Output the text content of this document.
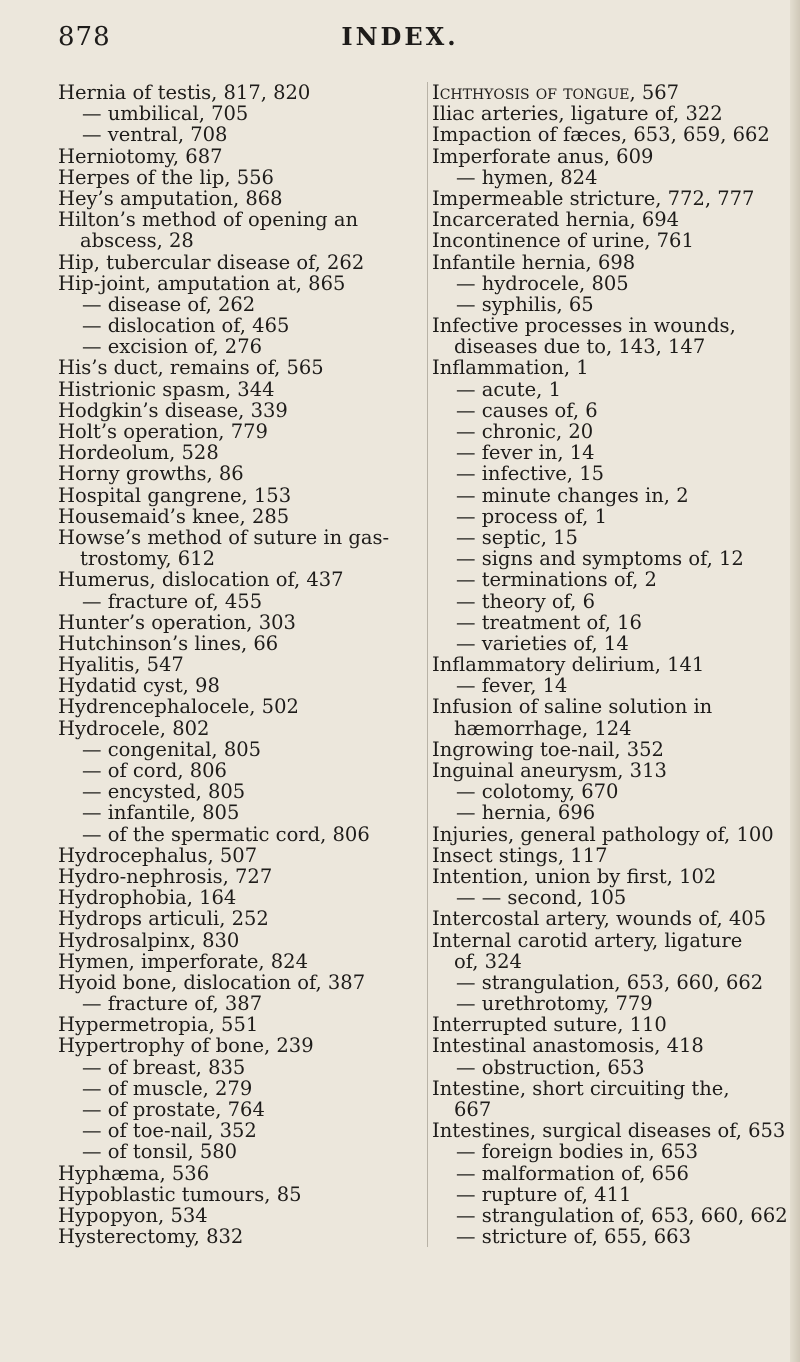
878	INDEX.
Hernia of testis, 817, 820
— umbilical, 705
— ventral, 708
Herniotomy, 687
Herpes of the lip, 556
Hey’s amputation, 868
Hilton’s method of opening an
abscess, 28
Hip, tubercular disease of, 262
Hip-joint, amputation at, 865
— disease of, 262
— dislocation of, 465
— excision of, 276
His’s duct, remains of, 565
Histrionic spasm, 344
Hodgkin’s disease, 339
Holt’s operation, 779
Hordeolum, 528
Horny growths, 86
Hospital gangrene, 153
Housemaid’s knee, 285
Howse’s method of suture in gas-
trostomy, 612
Humerus, dislocation of, 437
— fracture of, 455
Hunter’s operation, 303
Hutchinson’s lines, 66
Hyalitis, 547
Hydatid cyst, 98
Hydrencephalocele, 502
Hydrocele, 802
— congenital, 805
— of cord, 806
— encysted, 805
— infantile, 805
— of the spermatic cord, 806
Hydrocephalus, 507
Hydro-nephrosis, 727
Hydrophobia, 164
Hydrops articuli, 252
Hydrosalpinx, 830
Hymen, imperforate, 824
Hyoid bone, dislocation of, 387
— fracture of, 387
Hypermetropia, 551
Hypertrophy of bone, 239
— of breast, 835
— of muscle, 279
— of prostate, 764
— of toe-nail, 352
— of tonsil, 580
Hyphæma, 536
Hypoblastic tumours, 85
Hypopyon, 534
Hysterectomy, 832
Ichthyosis of tongue, 567
Iliac arteries, ligature of, 322
Impaction of fæces, 653, 659, 662
Imperforate anus, 609
— hymen, 824
Impermeable stricture, 772, 777
Incarcerated hernia, 694
Incontinence of urine, 761
Infantile hernia, 698
— hydrocele, 805
— syphilis, 65
Infective processes in wounds,
diseases due to, 143, 147
Inflammation, 1
— acute, 1
— causes of, 6
— chronic, 20
— fever in, 14
— infective, 15
— minute changes in, 2
— process of, 1
— septic, 15
— signs and symptoms of, 12
— terminations of, 2
— theory of, 6
— treatment of, 16
— varieties of, 14
Inflammatory delirium, 141
— fever, 14
Infusion of saline solution in
hæmorrhage, 124
Ingrowing toe-nail, 352
Inguinal aneurysm, 313
— colotomy, 670
— hernia, 696
Injuries, general pathology of, 100
Insect stings, 117
Intention, union by first, 102
— — second, 105
Intercostal artery, wounds of, 405
Internal carotid artery, ligature
of, 324
— strangulation, 653, 660, 662
— urethrotomy, 779
Interrupted suture, 110
Intestinal anastomosis, 418
— obstruction, 653
Intestine, short circuiting the,
667
Intestines, surgical diseases of, 653
— foreign bodies in, 653
— malformation of, 656
— rupture of, 411
— strangulation of, 653, 660, 662
— stricture of, 655, 663
